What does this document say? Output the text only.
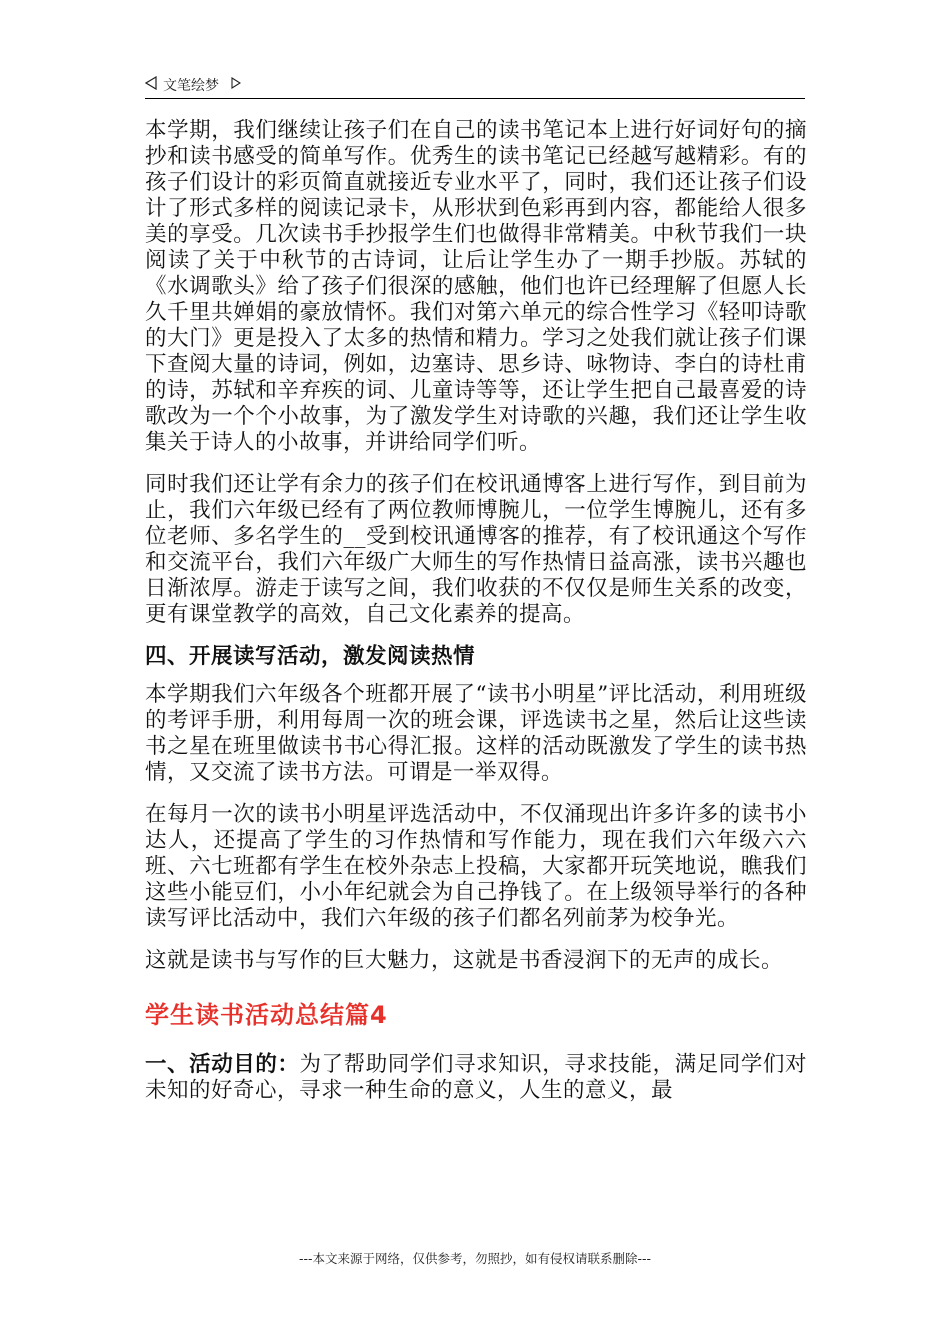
文笔绘梦

本学期，我们继续让孩子们在自己的读书笔记本上进行好词好句的摘抄和读书感受的简单写作。优秀生的读书笔记已经越写越精彩。有的孩子们设计的彩页简直就接近专业水平了，同时，我们还让孩子们设计了形式多样的阅读记录卡，从形状到色彩再到内容，都能给人很多美的享受。几次读书手抄报学生们也做得非常精美。中秋节我们一块阅读了关于中秋节的古诗词，让后让学生办了一期手抄版。苏轼的《水调歌头》给了孩子们很深的感触，他们也许已经理解了但愿人长久千里共婵娟的豪放情怀。我们对第六单元的综合性学习《轻叩诗歌的大门》更是投入了太多的热情和精力。学习之处我们就让孩子们课下查阅大量的诗词，例如，边塞诗、思乡诗、咏物诗、李白的诗杜甫的诗，苏轼和辛弃疾的词、儿童诗等等，还让学生把自己最喜爱的诗歌改为一个个小故事，为了激发学生对诗歌的兴趣，我们还让学生收集关于诗人的小故事，并讲给同学们听。

同时我们还让学有余力的孩子们在校讯通博客上进行写作，到目前为止，我们六年级已经有了两位教师博腕儿，一位学生博腕儿，还有多位老师、多名学生的__受到校讯通博客的推荐，有了校讯通这个写作和交流平台，我们六年级广大师生的写作热情日益高涨，读书兴趣也日渐浓厚。游走于读写之间，我们收获的不仅仅是师生关系的改变，更有课堂教学的高效，自己文化素养的提高。

四、开展读写活动，激发阅读热情

本学期我们六年级各个班都开展了“读书小明星”评比活动，利用班级的考评手册，利用每周一次的班会课，评选读书之星，然后让这些读书之星在班里做读书书心得汇报。这样的活动既激发了学生的读书热情，又交流了读书方法。可谓是一举双得。

在每月一次的读书小明星评选活动中，不仅涌现出许多许多的读书小达人，还提高了学生的习作热情和写作能力，现在我们六年级六六班、六七班都有学生在校外杂志上投稿，大家都开玩笑地说，瞧我们这些小能豆们，小小年纪就会为自己挣钱了。在上级领导举行的各种读写评比活动中，我们六年级的孩子们都名列前茅为校争光。

这就是读书与写作的巨大魅力，这就是书香浸润下的无声的成长。

学生读书活动总结篇4

一、活动目的：为了帮助同学们寻求知识，寻求技能，满足同学们对未知的好奇心，寻求一种生命的意义，人生的意义，最

---本文来源于网络，仅供参考，勿照抄，如有侵权请联系删除---
